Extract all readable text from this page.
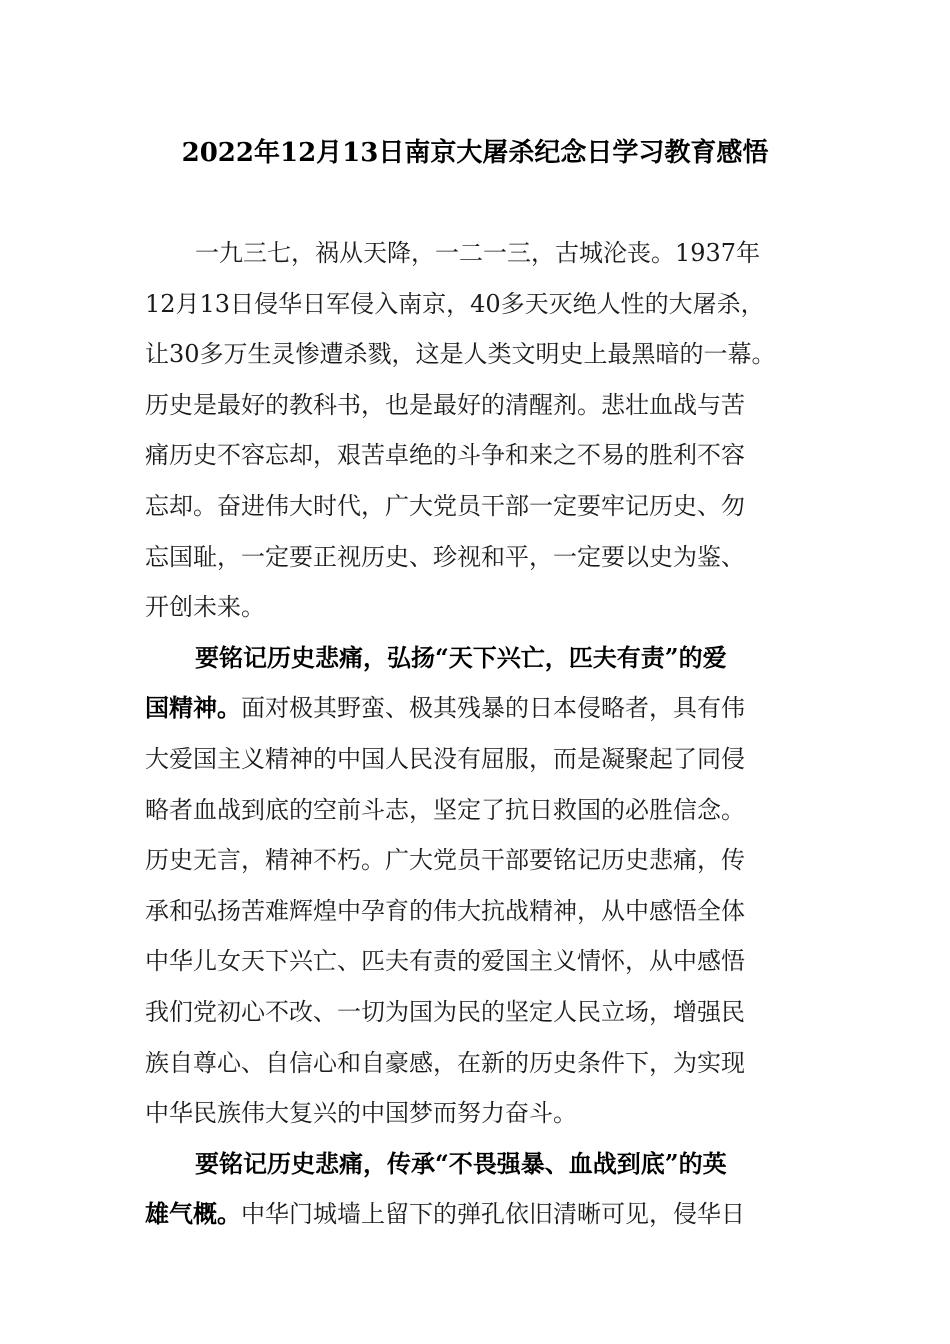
2022年12月13日南京大屠杀纪念日学习教育感悟
一九三七，祸从天降，一二一三，古城沦丧。1937年
12月13日侵华日军侵入南京，40多天灭绝人性的大屠杀，
让30多万生灵惨遭杀戮，这是人类文明史上最黑暗的一幕。
历史是最好的教科书，也是最好的清醒剂。悲壮血战与苦
痛历史不容忘却，艰苦卓绝的斗争和来之不易的胜利不容
忘却。奋进伟大时代，广大党员干部一定要牢记历史、勿
忘国耻，一定要正视历史、珍视和平，一定要以史为鉴、
开创未来。
要铭记历史悲痛，弘扬“天下兴亡，匹夫有责”的爱
国精神。面对极其野蛮、极其残暴的日本侵略者，具有伟
大爱国主义精神的中国人民没有屈服，而是凝聚起了同侵
略者血战到底的空前斗志，坚定了抗日救国的必胜信念。
历史无言，精神不朽。广大党员干部要铭记历史悲痛，传
承和弘扬苦难辉煌中孕育的伟大抗战精神，从中感悟全体
中华儿女天下兴亡、匹夫有责的爱国主义情怀，从中感悟
我们党初心不改、一切为国为民的坚定人民立场，增强民
族自尊心、自信心和自豪感，在新的历史条件下，为实现
中华民族伟大复兴的中国梦而努力奋斗。
要铭记历史悲痛，传承“不畏强暴、血战到底”的英
雄气概。中华门城墙上留下的弹孔依旧清晰可见，侵华日
